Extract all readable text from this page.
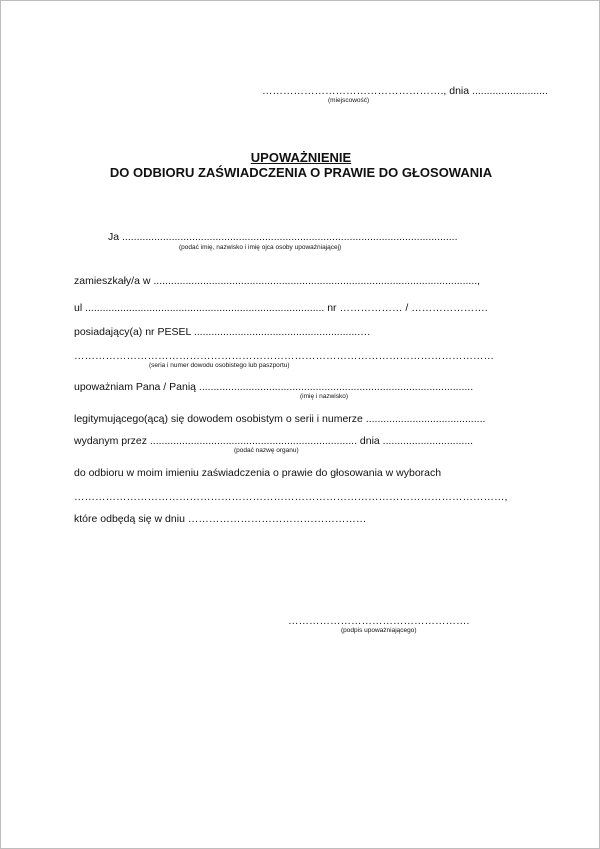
……………………………………………., dnia ..........................
(miejscowość)
UPOWAŻNIENIE
DO ODBIORU ZAŚWIADCZENIA O PRAWIE DO GŁOSOWANIA
Ja ...................................................................................................................
(podać imię, nazwisko i imię ojca osoby upoważniającej)
zamieszkały/a w ...............................................................................................................,
ul .................................................................................. nr ……………… / ………………….
posiadający(a) nr PESEL .........................................................…
…………………………………………………………………………………………………………
(seria i numer dowodu osobistego lub paszportu)
upoważniam Pana / Panią ..............................................................................................
(imię i nazwisko)
legitymującego(ącą) się dowodem osobistym o serii i numerze .........................................
wydanym przez ....................................................................... dnia ...............................
(podać nazwę organu)
do odbioru w moim imieniu zaświadczenia o prawie do głosowania w wyborach
……………………………………………………………………………………………………………,
które odbędą się w dniu ……………………………………………
…………………………………………….
(podpis upoważniającego)
